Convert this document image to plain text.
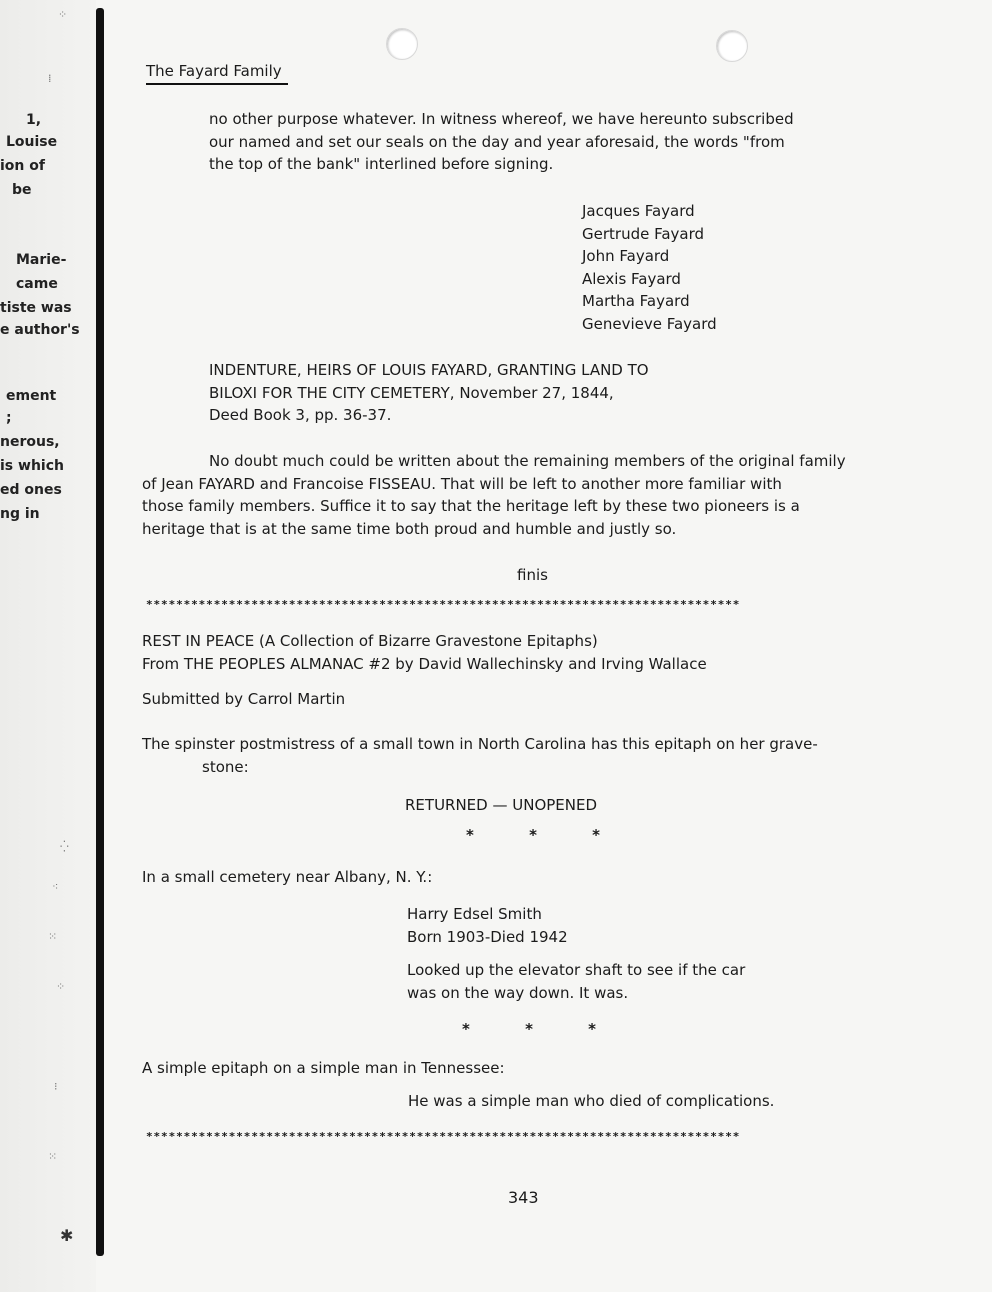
1,
Louise
ion of
be
Marie-
came
tiste was
e author's
ement
;
nerous,
is which
ed ones
ng in
⁘
⁞
⁛
⁖
⁙
⁘
⁝
⁙
✱
The Fayard Family
no other purpose whatever. In witness whereof, we have hereunto subscribed
our named and set our seals on the day and year aforesaid, the words "from
the top of the bank" interlined before signing.
Jacques Fayard
Gertrude Fayard
John Fayard
Alexis Fayard
Martha Fayard
Genevieve Fayard
INDENTURE, HEIRS OF LOUIS FAYARD, GRANTING LAND TO
BILOXI FOR THE CITY CEMETERY, November 27, 1844,
Deed Book 3, pp. 36-37.
No doubt much could be written about the remaining members of the original family
of Jean FAYARD and Francoise FISSEAU. That will be left to another more familiar with
those family members. Suffice it to say that the heritage left by these two pioneers is a
heritage that is at the same time both proud and humble and justly so.
finis
*******************************************************************************
REST IN PEACE (A Collection of Bizarre Gravestone Epitaphs)
From THE PEOPLES ALMANAC #2 by David Wallechinsky and Irving Wallace
Submitted by Carrol Martin
The spinster postmistress of a small town in North Carolina has this epitaph on her grave-
stone:
RETURNED — UNOPENED
* * *
In a small cemetery near Albany, N. Y.:
Harry Edsel Smith
Born 1903-Died 1942
Looked up the elevator shaft to see if the car
was on the way down. It was.
* * *
A simple epitaph on a simple man in Tennessee:
He was a simple man who died of complications.
*******************************************************************************
343
